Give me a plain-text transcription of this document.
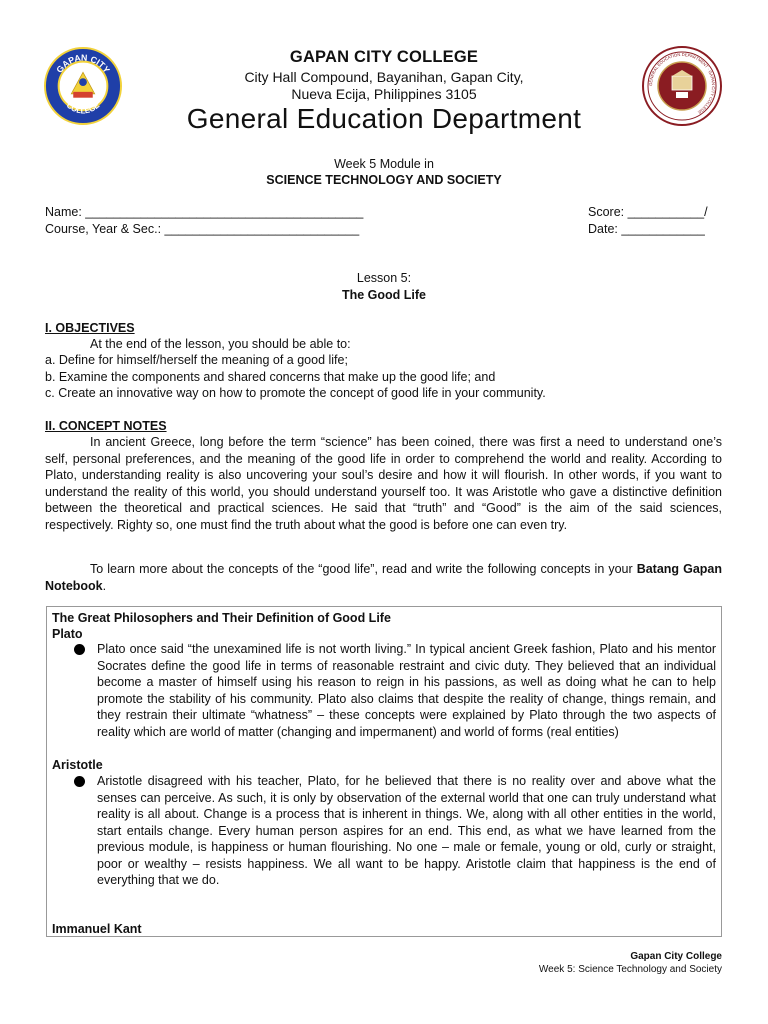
GAPAN CITY
COLLEGE
20	10
GENERAL EDUCATION DEPARTMENT · GAPAN CITY COLLEGE
GAPAN CITY COLLEGE
City Hall Compound, Bayanihan, Gapan City,
Nueva Ecija, Philippines 3105
General Education Department
Week 5 Module in
SCIENCE TECHNOLOGY AND SOCIETY
Name: ________________________________________
Course, Year & Sec.: ____________________________
Score: ___________/
Date: ____________
Lesson 5:
The Good Life
I. OBJECTIVES
At the end of the lesson, you should be able to:
a. Define for himself/herself the meaning of a good life;
b. Examine the components and shared concerns that make up the good life; and
c. Create an innovative way on how to promote the concept of good life in your community.
II. CONCEPT NOTES
In ancient Greece, long before the term “science” has been coined, there was first a need to understand one’s self, personal preferences, and the meaning of the good life in order to comprehend the world and reality. According to Plato, understanding reality is also uncovering your soul’s desire and how it will flourish. In other words, if you want to understand the reality of this world, you should understand yourself too. It was Aristotle who gave a distinctive definition between the theoretical and practical sciences. He said that “truth” and “Good” is the aim of the said sciences, respectively. Righty so, one must find the truth about what the good is before one can even try.
To learn more about the concepts of the “good life”, read and write the following concepts in your Batang Gapan Notebook.
The Great Philosophers and Their Definition of Good Life
Plato
Plato once said “the unexamined life is not worth living.” In typical ancient Greek fashion, Plato and his mentor Socrates define the good life in terms of reasonable restraint and civic duty. They believed that an individual become a master of himself using his reason to reign in his passions, as well as doing what he can to help promote the stability of his community. Plato also claims that despite the reality of change, things remain, and they restrain their ultimate “whatness” – these concepts were explained by Plato through the two aspects of reality which are world of matter (changing and impermanent) and world of forms (real entities)
Aristotle
Aristotle disagreed with his teacher, Plato, for he believed that there is no reality over and above what the senses can perceive. As such, it is only by observation of the external world that one can truly understand what reality is all about. Change is a process that is inherent in things. We, along with all other entities in the world, start entails change. Every human person aspires for an end. This end, as what we have learned from the previous module, is happiness or human flourishing. No one – male or female, young or old, curly or straight, poor or wealthy – resists happiness. We all want to be happy. Aristotle claim that happiness is the end of everything that we do.
Immanuel Kant
Gapan City College
Week 5: Science Technology and Society
